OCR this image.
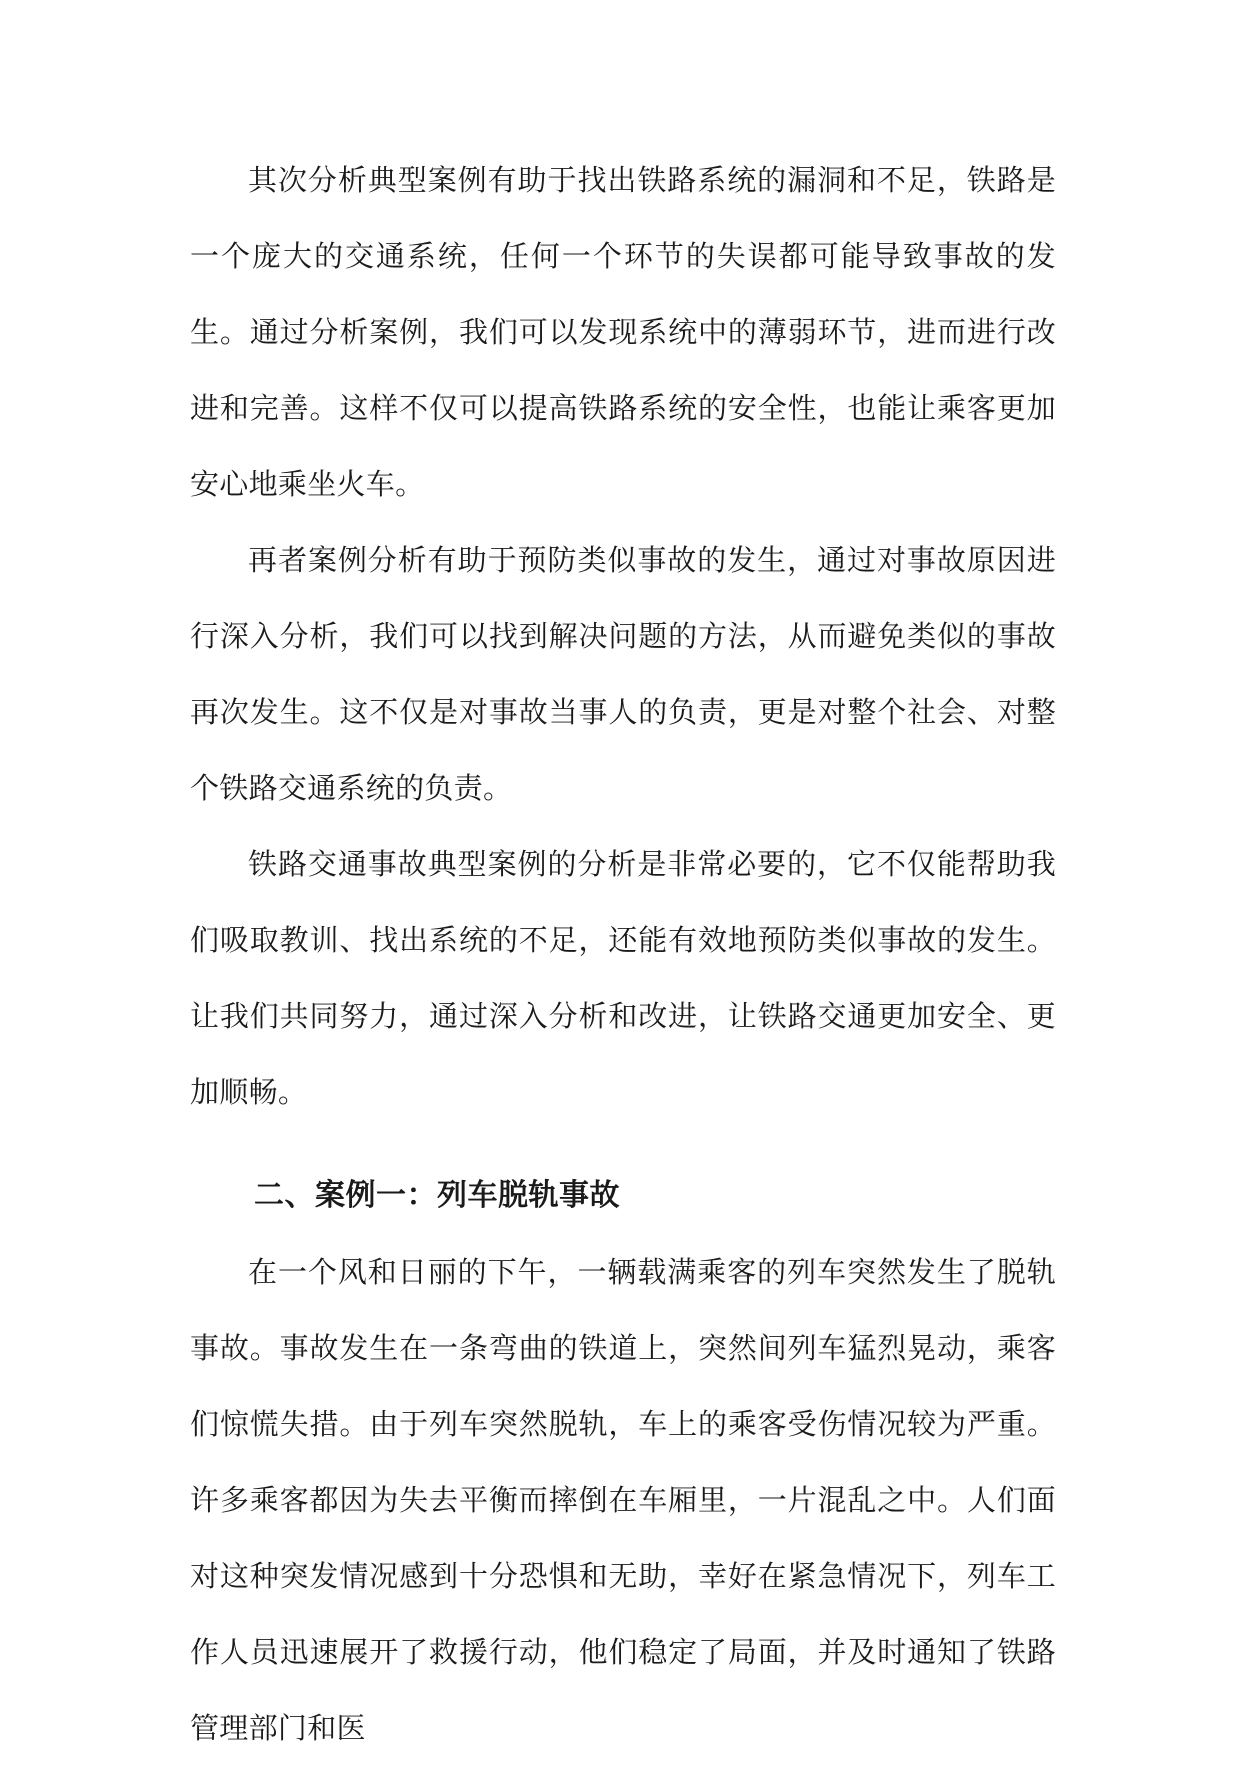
其次分析典型案例有助于找出铁路系统的漏洞和不足，铁路是一个庞大的交通系统，任何一个环节的失误都可能导致事故的发生。通过分析案例，我们可以发现系统中的薄弱环节，进而进行改进和完善。这样不仅可以提高铁路系统的安全性，也能让乘客更加安心地乘坐火车。

再者案例分析有助于预防类似事故的发生，通过对事故原因进行深入分析，我们可以找到解决问题的方法，从而避免类似的事故再次发生。这不仅是对事故当事人的负责，更是对整个社会、对整个铁路交通系统的负责。

铁路交通事故典型案例的分析是非常必要的，它不仅能帮助我们吸取教训、找出系统的不足，还能有效地预防类似事故的发生。让我们共同努力，通过深入分析和改进，让铁路交通更加安全、更加顺畅。

二、案例一：列车脱轨事故

在一个风和日丽的下午，一辆载满乘客的列车突然发生了脱轨事故。事故发生在一条弯曲的铁道上，突然间列车猛烈晃动，乘客们惊慌失措。由于列车突然脱轨，车上的乘客受伤情况较为严重。许多乘客都因为失去平衡而摔倒在车厢里，一片混乱之中。人们面对这种突发情况感到十分恐惧和无助，幸好在紧急情况下，列车工作人员迅速展开了救援行动，他们稳定了局面，并及时通知了铁路管理部门和医
